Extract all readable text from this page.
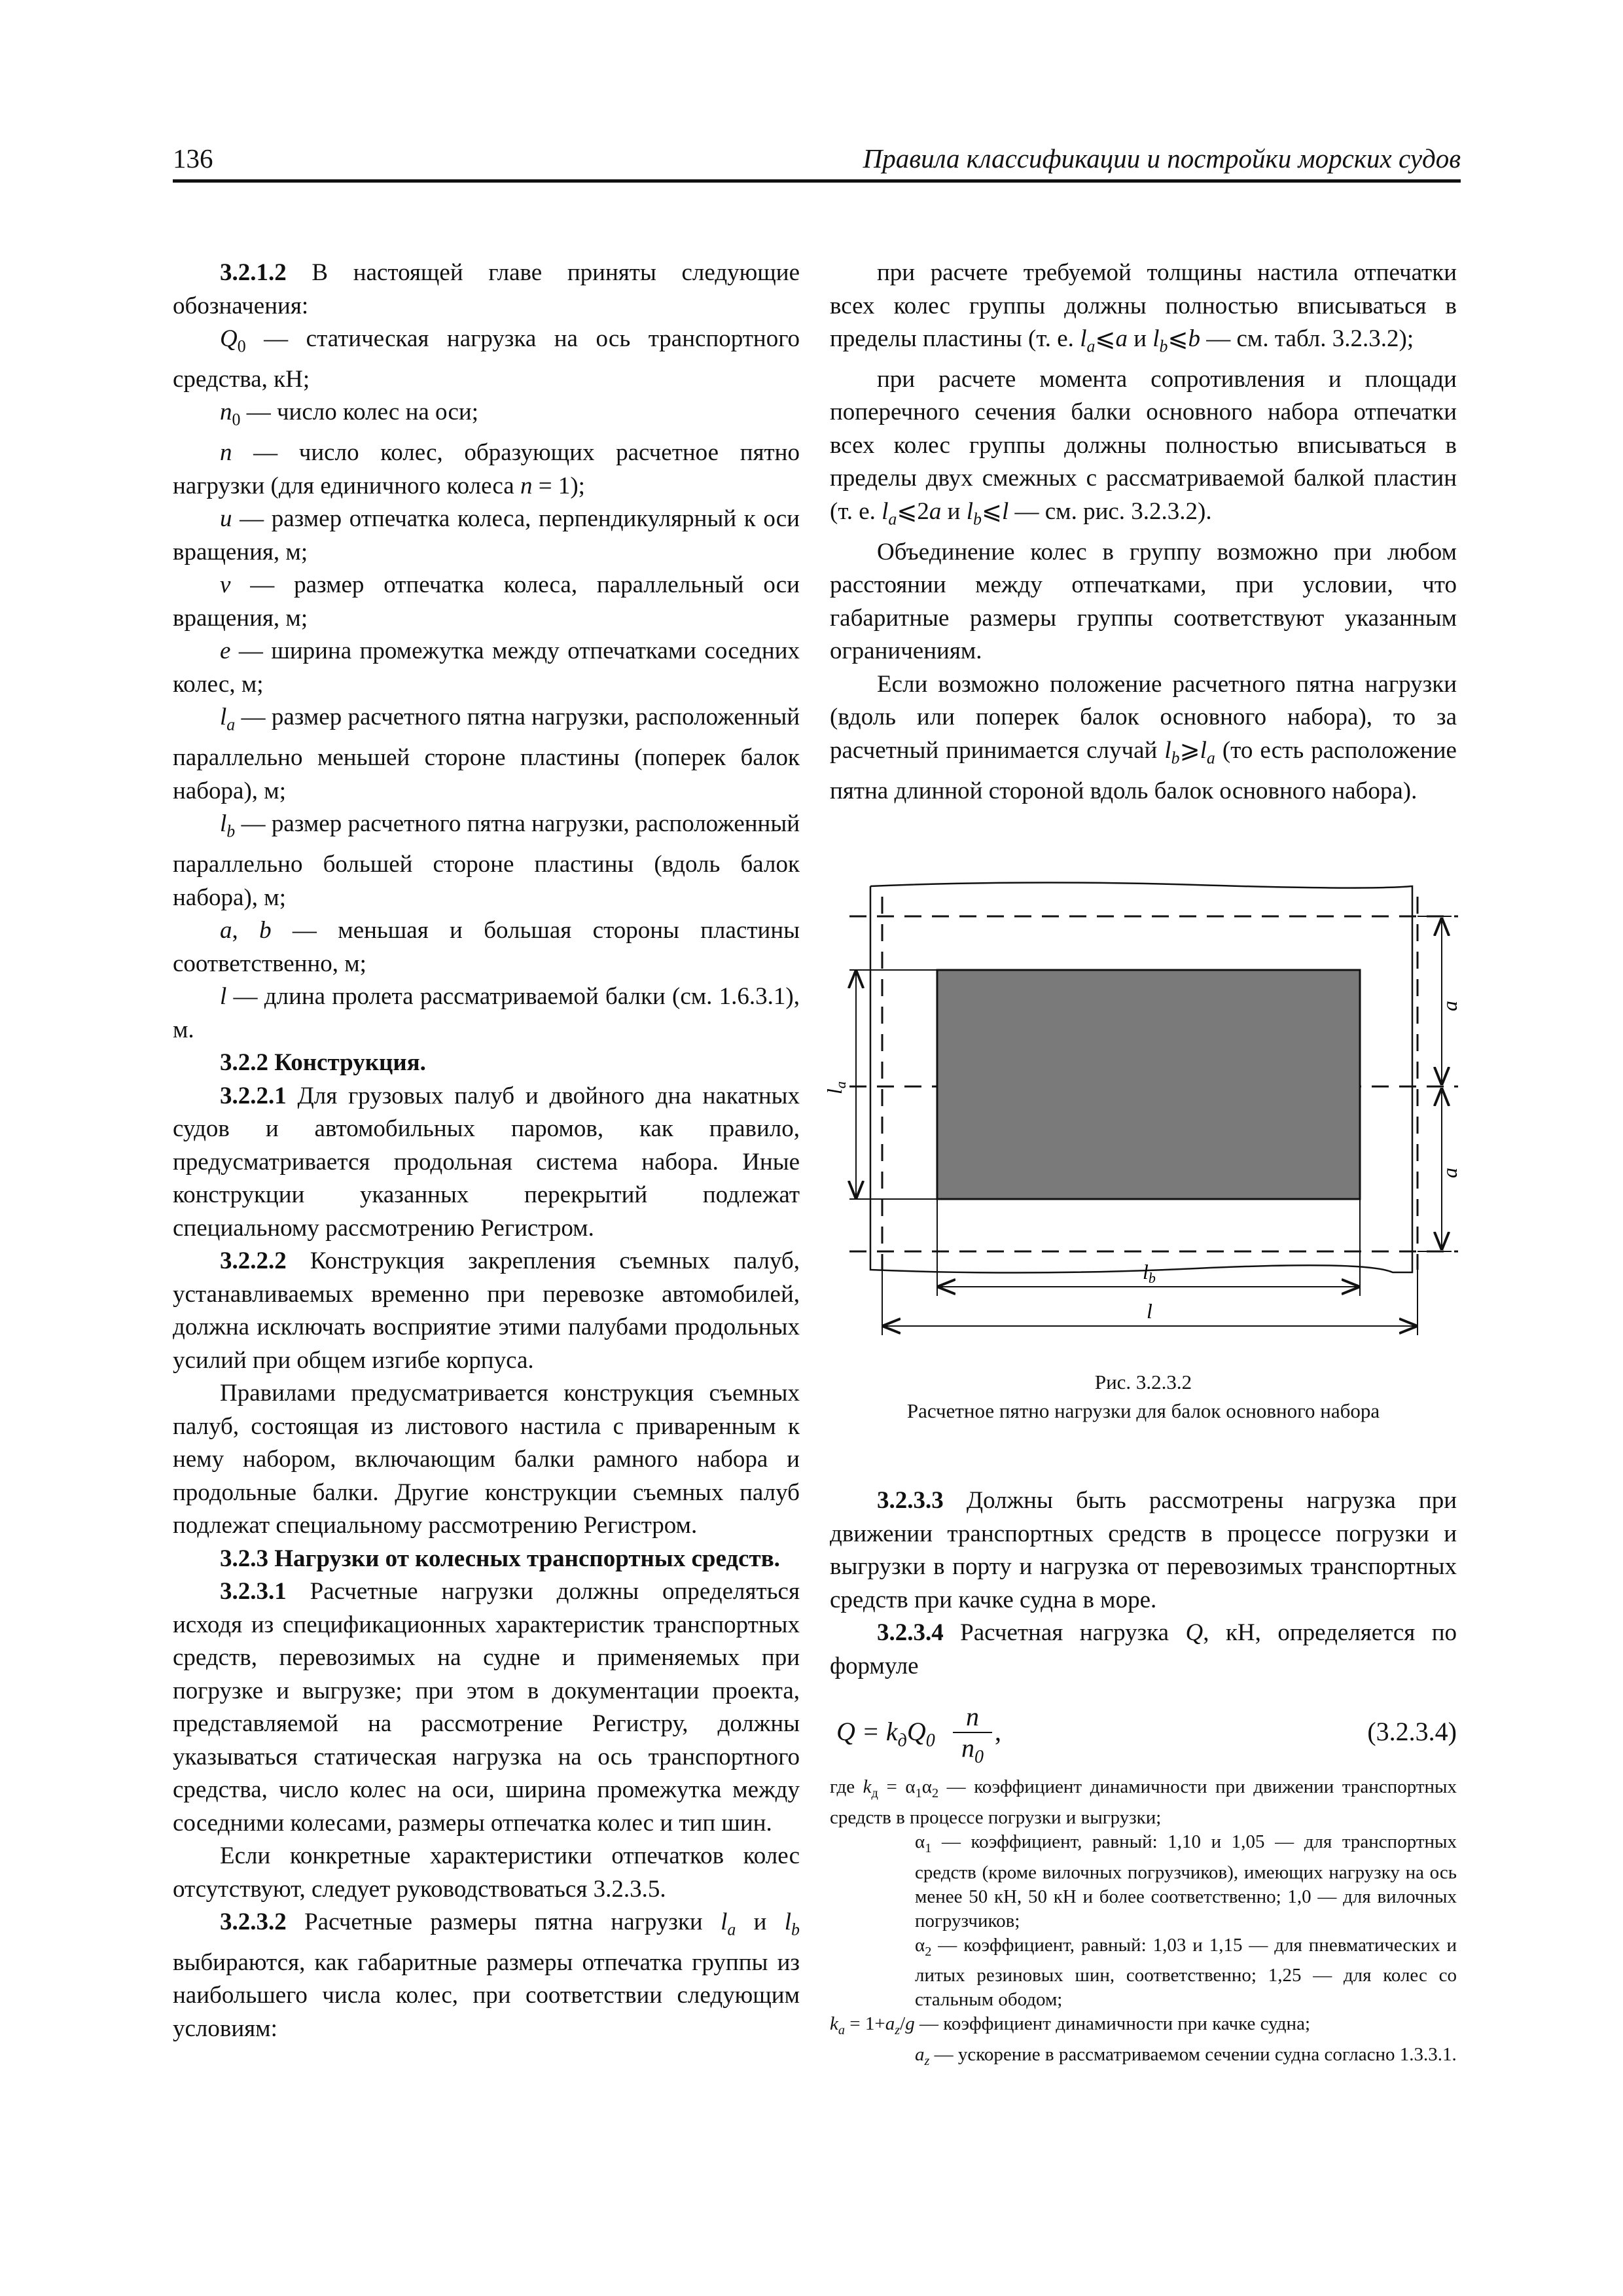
136	Правила классификации и постройки морских судов

3.2.1.2 В настоящей главе приняты следующие обозначения:

$Q_0$ — статическая нагрузка на ось транспортного средства, кН;

$n_0$ — число колес на оси;

n — число колес, образующих расчетное пятно нагрузки (для единичного колеса n = 1);

u — размер отпечатка колеса, перпендикулярный к оси вращения, м;

v — размер отпечатка колеса, параллельный оси вращения, м;

e — ширина промежутка между отпечатками соседних колес, м;

$l_a$ — размер расчетного пятна нагрузки, расположенный параллельно меньшей стороне пластины (поперек балок набора), м;

$l_b$ — размер расчетного пятна нагрузки, расположенный параллельно большей стороне пластины (вдоль балок набора), м;

a, b — меньшая и большая стороны пластины соответственно, м;

l — длина пролета рассматриваемой балки (см. 1.6.3.1), м.

3.2.2 Конструкция.

3.2.2.1 Для грузовых палуб и двойного дна накатных судов и автомобильных паромов, как правило, предусматривается продольная система набора. Иные конструкции указанных перекрытий подлежат специальному рассмотрению Регистром.

3.2.2.2 Конструкция закрепления съемных палуб, устанавливаемых временно при перевозке автомобилей, должна исключать восприятие этими палубами продольных усилий при общем изгибе корпуса.

Правилами предусматривается конструкция съемных палуб, состоящая из листового настила с приваренным к нему набором, включающим балки рамного набора и продольные балки. Другие конструкции съемных палуб подлежат специальному рассмотрению Регистром.

3.2.3 Нагрузки от колесных транспортных средств.

3.2.3.1 Расчетные нагрузки должны определяться исходя из спецификационных характеристик транспортных средств, перевозимых на судне и применяемых при погрузке и выгрузке; при этом в документации проекта, представляемой на рассмотрение Регистру, должны указываться статическая нагрузка на ось транспортного средства, число колес на оси, ширина промежутка между соседними колесами, размеры отпечатка колес и тип шин.

Если конкретные характеристики отпечатков колес отсутствуют, следует руководствоваться 3.2.3.5.

3.2.3.2 Расчетные размеры пятна нагрузки $l_a$ и $l_b$ выбираются, как габаритные размеры отпечатка группы из наибольшего числа колес, при соответствии следующим условиям:

при расчете требуемой толщины настила отпечатки всех колес группы должны полностью вписываться в пределы пластины (т. е. $l_a⩽a$ и $l_b⩽b$ — см. табл. 3.2.3.2);

при расчете момента сопротивления и площади поперечного сечения балки основного набора отпечатки всех колес группы должны полностью вписываться в пределы двух смежных с рассматриваемой балкой пластин (т. е. $l_a⩽2a$ и $l_b⩽l$ — см. рис. 3.2.3.2).

Объединение колес в группу возможно при любом расстоянии между отпечатками, при условии, что габаритные размеры группы соответствуют указанным ограничениям.

Если возможно положение расчетного пятна нагрузки (вдоль или поперек балок основного набора), то за расчетный принимается случай $l_b⩾l_a$ (то есть расположение пятна длинной стороной вдоль балок основного набора).

la
a
a
lb
l
Рис. 3.2.3.2
Расчетное пятно нагрузки для балок основного набора

3.2.3.3 Должны быть рассмотрены нагрузка при движении транспортных средств в процессе погрузки и выгрузки в порту и нагрузка от перевозимых транспортных средств при качке судна в море.

3.2.3.4 Расчетная нагрузка Q, кН, определяется по формуле

$Q = k_дQ_0 \frac{n}{n_0}$ ,	(3.2.3.4)
где $k_д = \alpha_1\alpha_2$ — коэффициент динамичности при движении транспортных средств в процессе погрузки и выгрузки;
$\alpha_1$ — коэффициент, равный: 1,10 и 1,05 — для транспортных средств (кроме вилочных погрузчиков), имеющих нагрузку на ось менее 50 кН, 50 кН и более соответственно; 1,0 — для вилочных погрузчиков;
$\alpha_2$ — коэффициент, равный: 1,03 и 1,15 — для пневматических и литых резиновых шин, соответственно; 1,25 — для колес со стальным ободом;
$k_a = 1+a_z/g$ — коэффициент динамичности при качке судна;
$a_z$ — ускорение в рассматриваемом сечении судна согласно 1.3.3.1.
